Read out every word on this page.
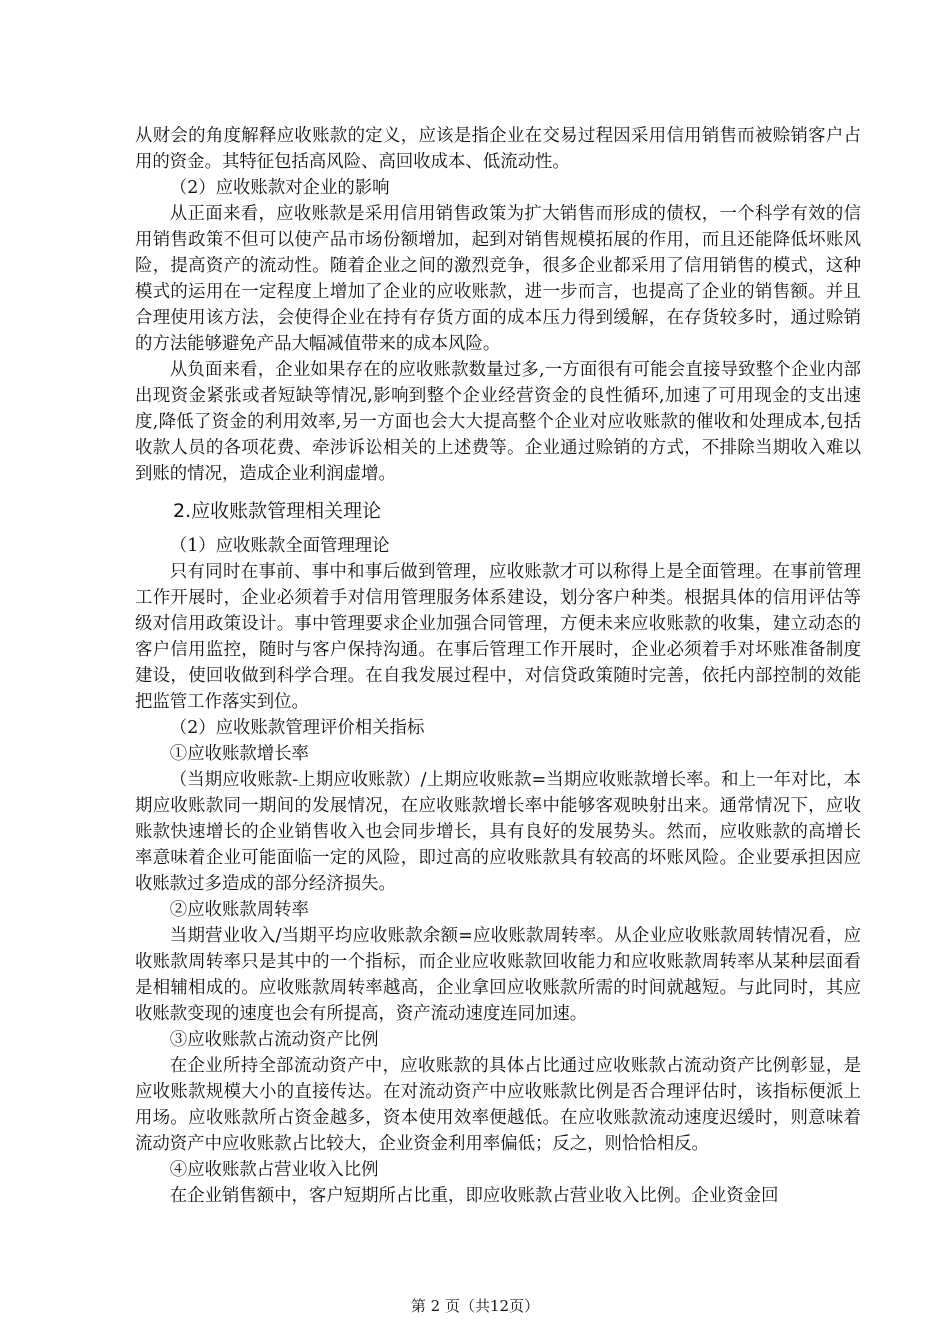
从财会的角度解释应收账款的定义，应该是指企业在交易过程因采用信用销售而被赊销客户占用的资金。其特征包括高风险、高回收成本、低流动性。

（2）应收账款对企业的影响

从正面来看，应收账款是采用信用销售政策为扩大销售而形成的债权，一个科学有效的信用销售政策不但可以使产品市场份额增加，起到对销售规模拓展的作用，而且还能降低坏账风险，提高资产的流动性。随着企业之间的激烈竞争，很多企业都采用了信用销售的模式，这种模式的运用在一定程度上增加了企业的应收账款，进一步而言，也提高了企业的销售额。并且合理使用该方法，会使得企业在持有存货方面的成本压力得到缓解，在存货较多时，通过赊销的方法能够避免产品大幅减值带来的成本风险。

从负面来看，企业如果存在的应收账款数量过多,一方面很有可能会直接导致整个企业内部出现资金紧张或者短缺等情况,影响到整个企业经营资金的良性循环,加速了可用现金的支出速度,降低了资金的利用效率,另一方面也会大大提高整个企业对应收账款的催收和处理成本,包括收款人员的各项花费、牵涉诉讼相关的上述费等。企业通过赊销的方式，不排除当期收入难以到账的情况，造成企业利润虚增。

2.应收账款管理相关理论

（1）应收账款全面管理理论

只有同时在事前、事中和事后做到管理，应收账款才可以称得上是全面管理。在事前管理工作开展时，企业必须着手对信用管理服务体系建设，划分客户种类。根据具体的信用评估等级对信用政策设计。事中管理要求企业加强合同管理，方便未来应收账款的收集，建立动态的客户信用监控，随时与客户保持沟通。在事后管理工作开展时，企业必须着手对坏账准备制度建设，使回收做到科学合理。在自我发展过程中，对信贷政策随时完善，依托内部控制的效能把监管工作落实到位。

（2）应收账款管理评价相关指标

①应收账款增长率

（当期应收账款-上期应收账款）/上期应收账款=当期应收账款增长率。和上一年对比，本期应收账款同一期间的发展情况，在应收账款增长率中能够客观映射出来。通常情况下，应收账款快速增长的企业销售收入也会同步增长，具有良好的发展势头。然而，应收账款的高增长率意味着企业可能面临一定的风险，即过高的应收账款具有较高的坏账风险。企业要承担因应收账款过多造成的部分经济损失。

②应收账款周转率

当期营业收入/当期平均应收账款余额=应收账款周转率。从企业应收账款周转情况看，应收账款周转率只是其中的一个指标，而企业应收账款回收能力和应收账款周转率从某种层面看是相辅相成的。应收账款周转率越高，企业拿回应收账款所需的时间就越短。与此同时，其应收账款变现的速度也会有所提高，资产流动速度连同加速。

③应收账款占流动资产比例

在企业所持全部流动资产中，应收账款的具体占比通过应收账款占流动资产比例彰显，是应收账款规模大小的直接传达。在对流动资产中应收账款比例是否合理评估时，该指标便派上用场。应收账款所占资金越多，资本使用效率便越低。在应收账款流动速度迟缓时，则意味着流动资产中应收账款占比较大，企业资金利用率偏低；反之，则恰恰相反。

④应收账款占营业收入比例

在企业销售额中，客户短期所占比重，即应收账款占营业收入比例。企业资金回

第 2 页（共12页）
